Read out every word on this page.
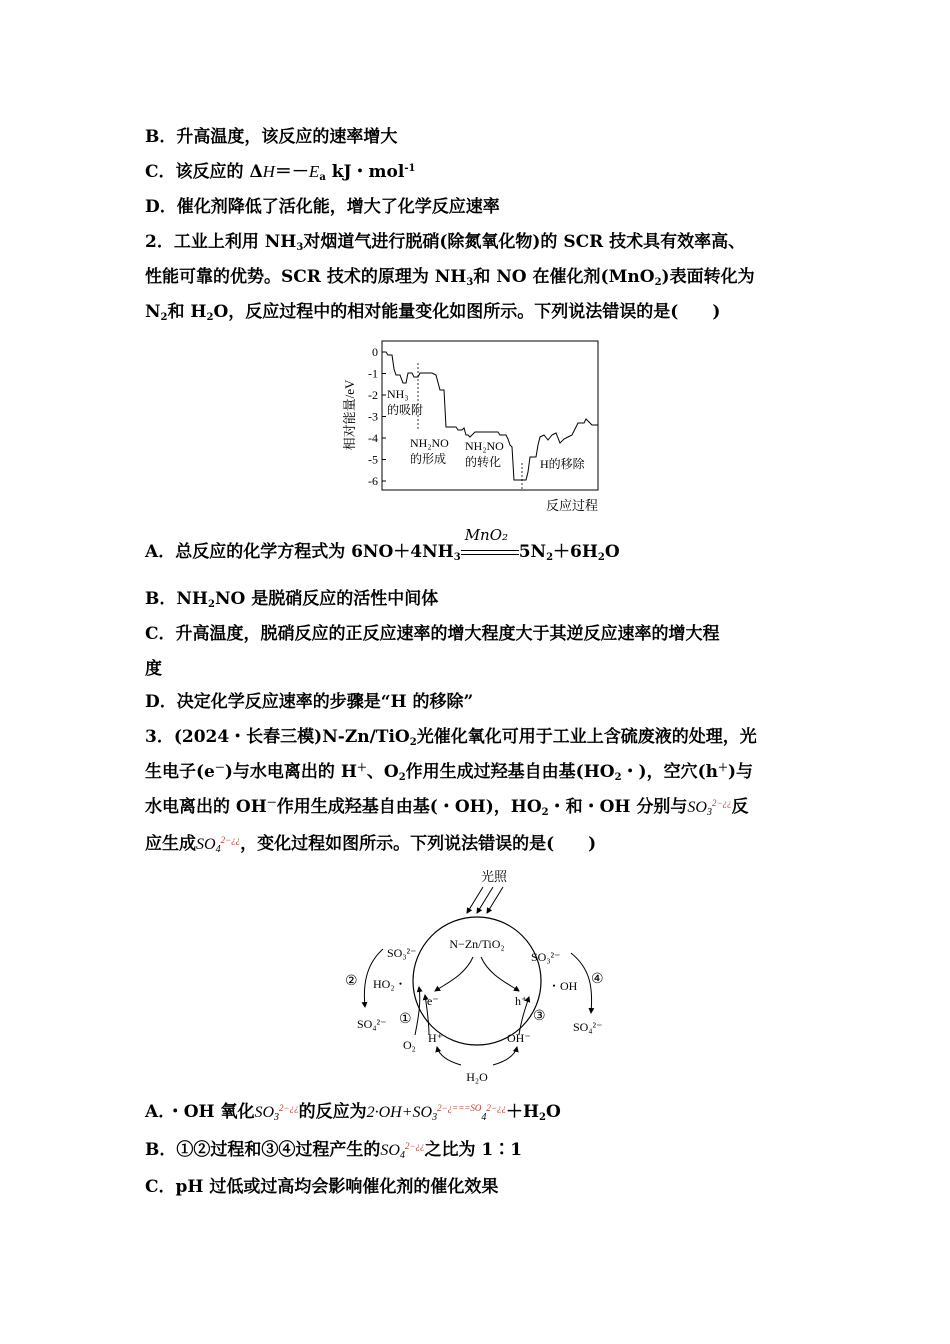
B．升高温度，该反应的速率增大
C．该反应的 $\Delta H=-E_a$ kJ・mol$^{-1}$
D．催化剂降低了活化能，增大了化学反应速率
2．工业上利用 $NH_3$对烟道气进行脱硝(除氮氧化物)的 SCR 技术具有效率高、
性能可靠的优势。SCR 技术的原理为 $NH_3$和 NO 在催化剂(MnO$_2$)表面转化为
$N_2$和 $H_2O$，反应过程中的相对能量变化如图所示。下列说法错误的是(　　)
相对能量/eV
0
-1
-2
-3
-4
-5
-6
NH₃
的吸附
NH₂NO
的形成
NH₂NO
的转化	H的移除
反应过程
A．总反应的化学方程式为 $6NO+4NH_3$
MnO₂
$5N_2+6H_2O$
B．$NH_2NO$ 是脱硝反应的活性中间体
C．升高温度，脱硝反应的正反应速率的增大程度大于其逆反应速率的增大程
度
D．决定化学反应速率的步骤是“H 的移除”
3．(2024・长春三模)N-Zn/TiO$_2$光催化氧化可用于工业上含硫废液的处理，光
生电子(e－)与水电离出的 H＋、$O_2$作用生成过羟基自由基($HO_2$・)，空穴(h＋)与
水电离出的 OH－作用生成羟基自由基(・OH)，$HO_2$・和・OH 分别与$SO_3^{2-¿¿}$反
应生成$SO_4^{2-¿¿}$，变化过程如图所示。下列说法错误的是(　　)
光照
N−Zn/TiO₂
e⁻	h⁺
SO₃²⁻	SO₃²⁻
HO₂・	・OH
SO₄²⁻	SO₄²⁻
②	④
①	③
O₂ H⁺	OH⁻
H₂O
A．・OH 氧化$SO_3^{2-¿¿}$的反应为$2\cdot OH+SO_3^{2-¿===SO}_4^{2-¿¿}+H_2O$
B．①②过程和③④过程产生的$SO_4^{2-¿¿}$之比为 1∶1
C．pH 过低或过高均会影响催化剂的催化效果
